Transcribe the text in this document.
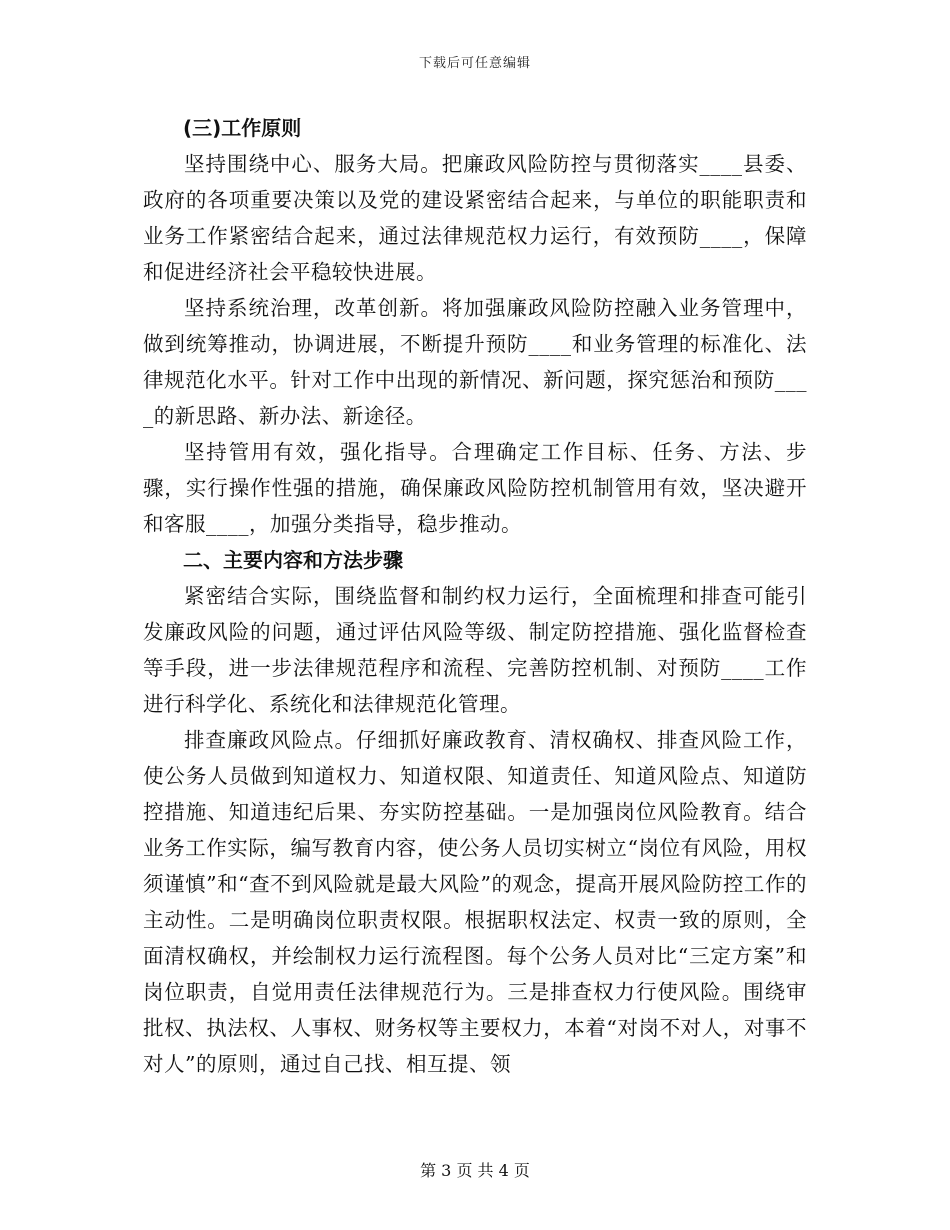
下载后可任意编辑

(三)工作原则

坚持围绕中心、服务大局。把廉政风险防控与贯彻落实____县委、政府的各项重要决策以及党的建设紧密结合起来，与单位的职能职责和业务工作紧密结合起来，通过法律规范权力运行，有效预防____，保障和促进经济社会平稳较快进展。

坚持系统治理，改革创新。将加强廉政风险防控融入业务管理中，做到统筹推动，协调进展，不断提升预防____和业务管理的标准化、法律规范化水平。针对工作中出现的新情况、新问题，探究惩治和预防____的新思路、新办法、新途径。

坚持管用有效，强化指导。合理确定工作目标、任务、方法、步骤，实行操作性强的措施，确保廉政风险防控机制管用有效，坚决避开和客服____，加强分类指导，稳步推动。

二、主要内容和方法步骤

紧密结合实际，围绕监督和制约权力运行，全面梳理和排查可能引发廉政风险的问题，通过评估风险等级、制定防控措施、强化监督检查等手段，进一步法律规范程序和流程、完善防控机制、对预防____工作进行科学化、系统化和法律规范化管理。

排查廉政风险点。仔细抓好廉政教育、清权确权、排查风险工作，使公务人员做到知道权力、知道权限、知道责任、知道风险点、知道防控措施、知道违纪后果、夯实防控基础。一是加强岗位风险教育。结合业务工作实际，编写教育内容，使公务人员切实树立“岗位有风险，用权须谨慎”和“查不到风险就是最大风险”的观念，提高开展风险防控工作的主动性。二是明确岗位职责权限。根据职权法定、权责一致的原则，全面清权确权，并绘制权力运行流程图。每个公务人员对比“三定方案”和岗位职责，自觉用责任法律规范行为。三是排查权力行使风险。围绕审批权、执法权、人事权、财务权等主要权力，本着“对岗不对人，对事不对人”的原则，通过自己找、相互提、领

第 3 页 共 4 页
